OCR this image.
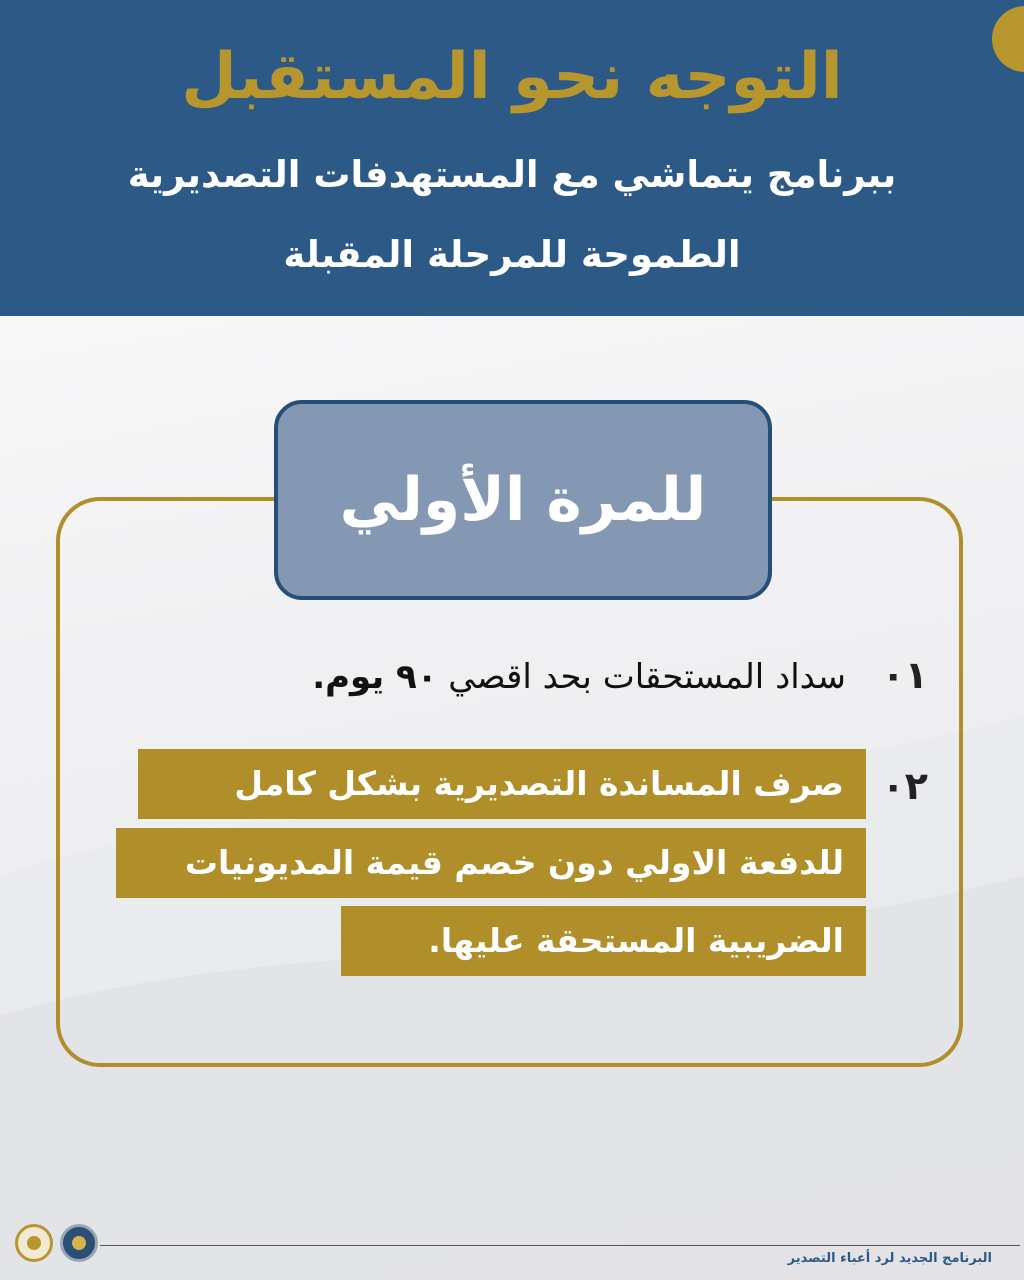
التوجه نحو المستقبل
ببرنامج يتماشي مع المستهدفات التصديرية
الطموحة للمرحلة المقبلة
للمرة الأولي
٠١
سداد المستحقات بحد اقصي ٩٠ يوم.
٠٢
صرف المساندة التصديرية بشكل كامل
للدفعة الاولي دون خصم قيمة المديونيات
الضريبية المستحقة عليها.
البرنامج الجديد لرد أعباء التصدير
